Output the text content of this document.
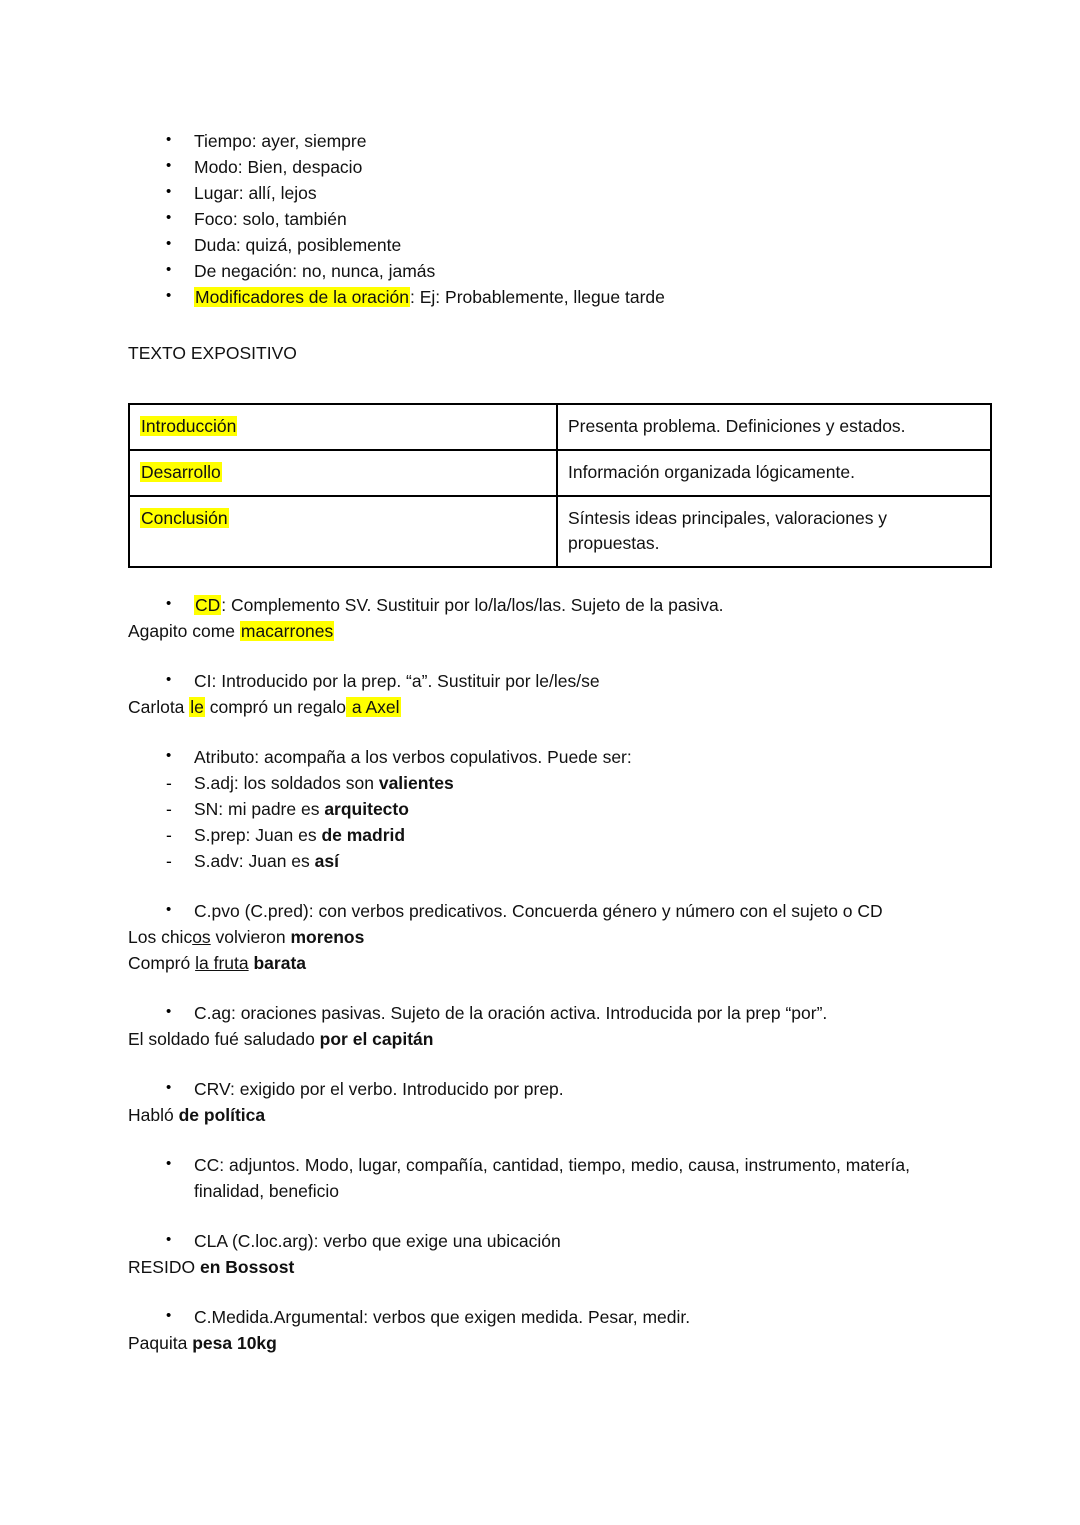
• Tiempo: ayer, siempre
• Modo: Bien, despacio
• Lugar: allí, lejos
• Foco: solo, también
• Duda: quizá, posiblemente
• De negación: no, nunca, jamás
• Modificadores de la oración: Ej: Probablemente, llegue tarde
TEXTO EXPOSITIVO
Introducción	Presenta problema. Definiciones y estados.
Desarrollo	Información organizada lógicamente.
Conclusión	Síntesis ideas principales, valoraciones y propuestas.
• CD: Complemento SV. Sustituir por lo/la/los/las. Sujeto de la pasiva.
Agapito come macarrones
• CI: Introducido por la prep. “a”. Sustituir por le/les/se
Carlota le compró un regalo a Axel
• Atributo: acompaña a los verbos copulativos. Puede ser:
- S.adj: los soldados son valientes
- SN: mi padre es arquitecto
- S.prep: Juan es de madrid
- S.adv: Juan es así
• C.pvo (C.pred): con verbos predicativos. Concuerda género y número con el sujeto o CD
Los chicos volvieron morenos
Compró la fruta barata
• C.ag: oraciones pasivas. Sujeto de la oración activa. Introducida por la prep “por”.
El soldado fué saludado por el capitán
• CRV: exigido por el verbo. Introducido por prep.
Habló de política
• CC: adjuntos. Modo, lugar, compañía, cantidad, tiempo, medio, causa, instrumento, matería, finalidad, beneficio
• CLA (C.loc.arg): verbo que exige una ubicación
RESIDO en Bossost
• C.Medida.Argumental: verbos que exigen medida. Pesar, medir.
Paquita pesa 10kg
